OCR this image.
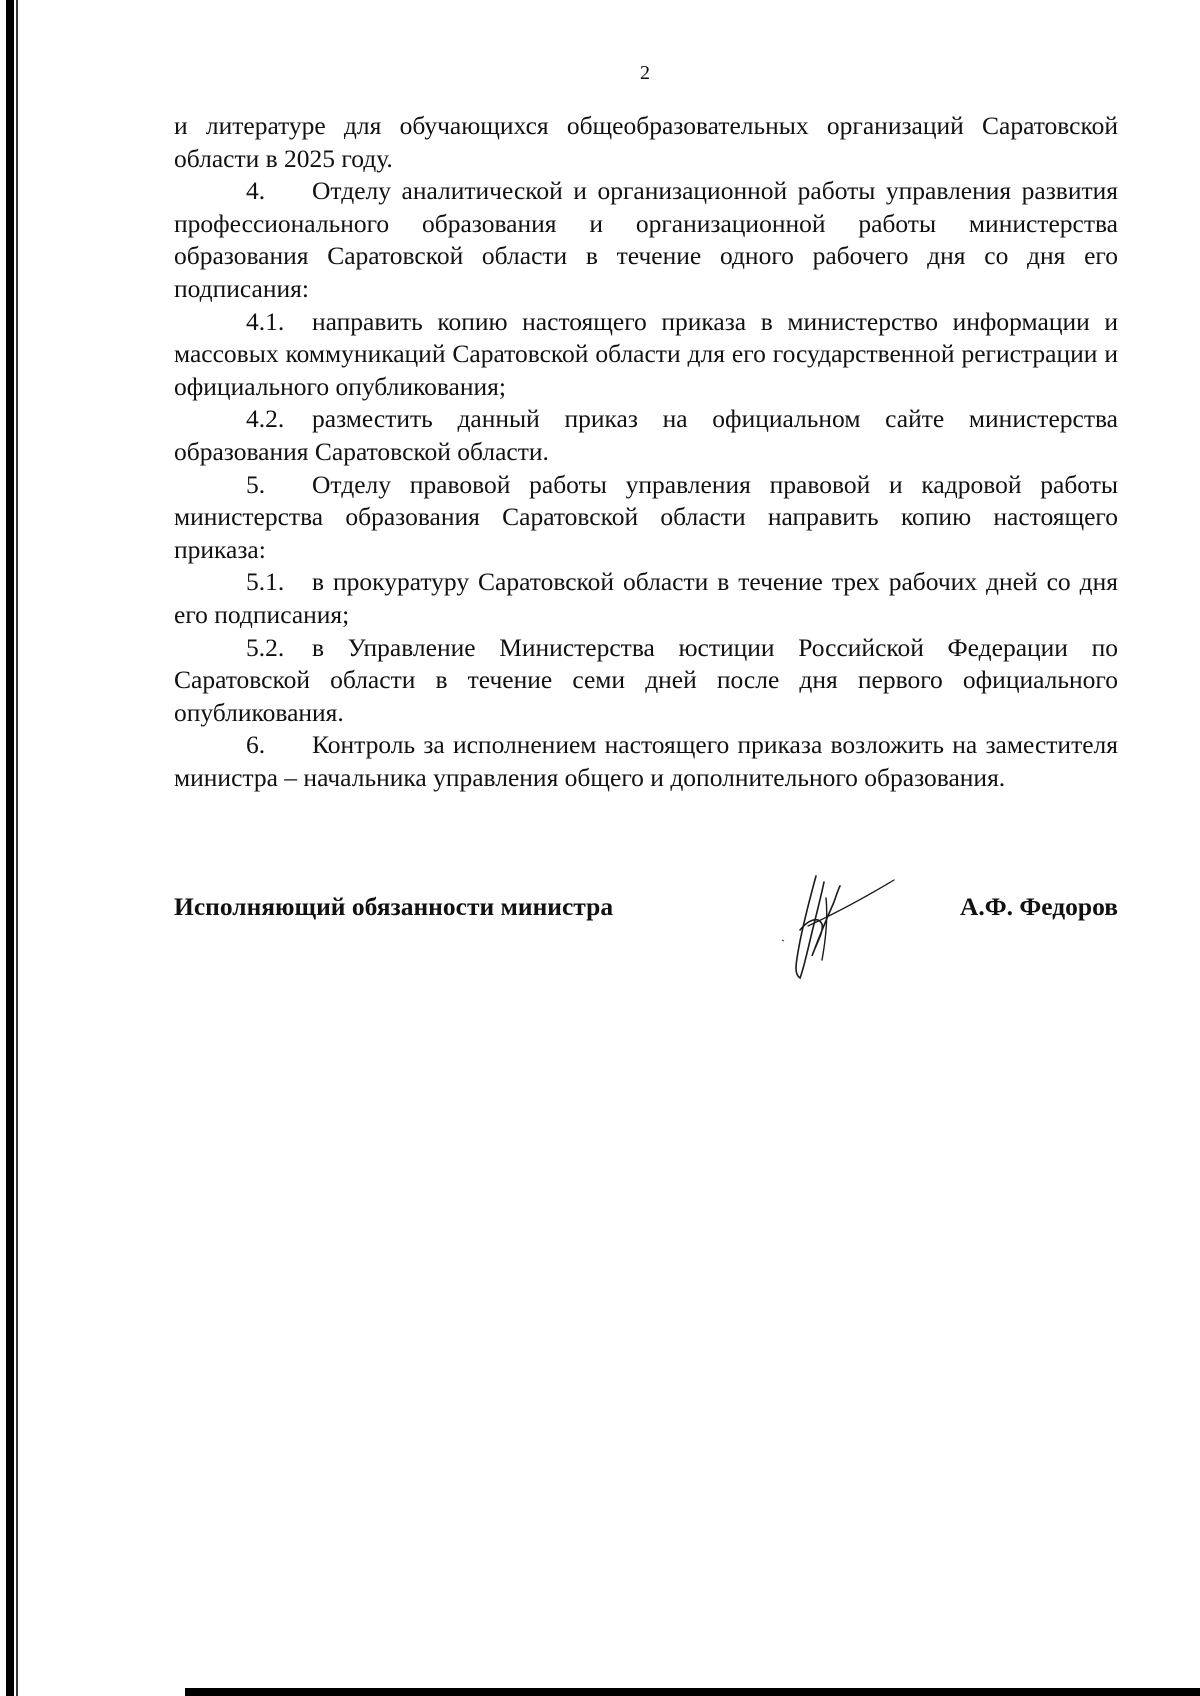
2

и литературе для обучающихся общеобразовательных организаций Саратовской области в 2025 году.

4. Отделу аналитической и организационной работы управления развития профессионального образования и организационной работы министерства образования Саратовской области в течение одного рабочего дня со дня его подписания:

4.1. направить копию настоящего приказа в министерство информации и массовых коммуникаций Саратовской области для его государственной регистрации и официального опубликования;

4.2. разместить данный приказ на официальном сайте министерства образования Саратовской области.

5. Отделу правовой работы управления правовой и кадровой работы министерства образования Саратовской области направить копию настоящего приказа:

5.1. в прокуратуру Саратовской области в течение трех рабочих дней со дня его подписания;

5.2. в Управление Министерства юстиции Российской Федерации по Саратовской области в течение семи дней после дня первого официального опубликования.

6. Контроль за исполнением настоящего приказа возложить на заместителя министра – начальника управления общего и дополнительного образования.

Исполняющий обязанности министра	А.Ф. Федоров
